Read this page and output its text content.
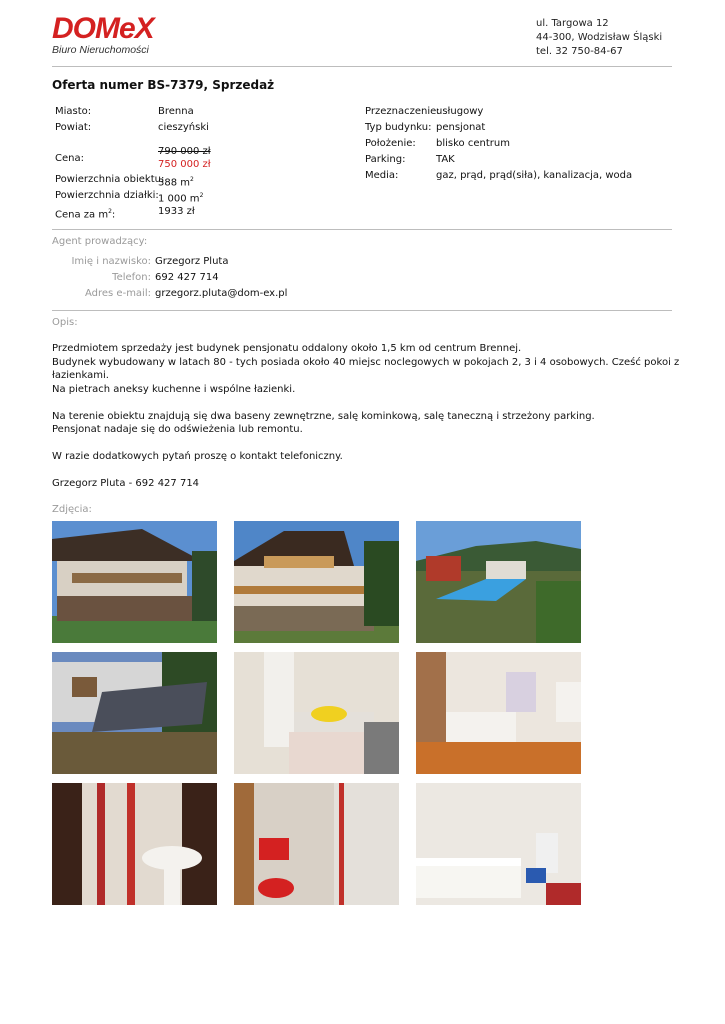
DOMeX
Biuro Nieruchomości
ul. Targowa 12
44-300, Wodzisław Śląski
tel. 32 750-84-67
Oferta numer BS-7379, Sprzedaż
Miasto:	Brenna
Powiat:	cieszyński
Cena:
790 000 zł
750 000 zł
Powierzchnia obiektu:
388 $m^2$
Powierzchnia działki: 1 000 $m^2$
Cena za $m^2$:	1933 zł
Przeznaczenie:
usługowy
Typ budynku: pensjonat
Położenie: blisko centrum
Parking:	TAK
Media:	gaz, prąd, prąd(siła), kanalizacja, woda
Agent prowadzący:
Imię i nazwisko: Grzegorz Pluta
Telefon: 692 427 714
Adres e-mail: grzegorz.pluta@dom-ex.pl
Opis:

Przedmiotem sprzedaży jest budynek pensjonatu oddalony około 1,5 km od centrum Brennej.
Budynek wybudowany w latach 80 - tych posiada około 40 miejsc noclegowych w pokojach 2, 3 i 4 osobowych. Cześć pokoi z łazienkami.
Na pietrach aneksy kuchenne i wspólne łazienki.

Na terenie obiektu znajdują się dwa baseny zewnętrzne, salę kominkową, salę taneczną i strzeżony parking.
Pensjonat nadaje się do odświeżenia lub remontu.

W razie dodatkowych pytań proszę o kontakt telefoniczny.

Grzegorz Pluta - 692 427 714

Zdjęcia:
